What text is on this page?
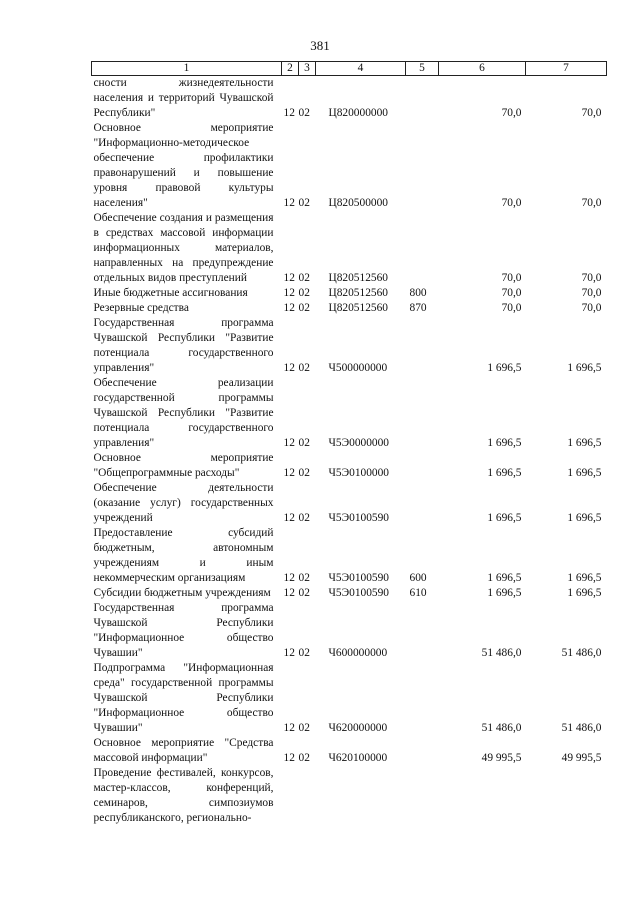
381
1	2	3	4	5	6	7
сности жизнедеятельности населения и территорий Чувашской Республики"	12	02	Ц820000000		70,0	70,0
Основное мероприятие "Информационно-методическое обеспечение профилактики правонарушений и повышение уровня правовой культуры населения"	12	02	Ц820500000		70,0	70,0
Обеспечение создания и размещения в средствах массовой информации информационных материалов, направленных на предупреждение отдельных видов преступлений	12	02	Ц820512560		70,0	70,0
Иные бюджетные ассигнования	12	02	Ц820512560	800	70,0	70,0
Резервные средства	12	02	Ц820512560	870	70,0	70,0
Государственная программа Чувашской Республики "Развитие потенциала государственного управления"	12	02	Ч500000000		1 696,5	1 696,5
Обеспечение реализации государственной программы Чувашской Республики "Развитие потенциала государственного управления"	12	02	Ч5Э0000000		1 696,5	1 696,5
Основное мероприятие "Общепрограммные расходы"	12	02	Ч5Э0100000		1 696,5	1 696,5
Обеспечение деятельности (оказание услуг) государственных учреждений	12	02	Ч5Э0100590		1 696,5	1 696,5
Предоставление субсидий бюджетным, автономным учреждениям и иным некоммерческим организациям	12	02	Ч5Э0100590	600	1 696,5	1 696,5
Субсидии бюджетным учреждениям	12	02	Ч5Э0100590	610	1 696,5	1 696,5
Государственная программа Чувашской Республики "Информационное общество Чувашии"	12	02	Ч600000000		51 486,0	51 486,0
Подпрограмма "Информационная среда" государственной программы Чувашской Республики "Информационное общество Чувашии"	12	02	Ч620000000		51 486,0	51 486,0
Основное мероприятие "Средства массовой информации"	12	02	Ч620100000		49 995,5	49 995,5
Проведение фестивалей, конкурсов, мастер-классов, конференций, семинаров, симпозиумов республиканского, регионально-						
